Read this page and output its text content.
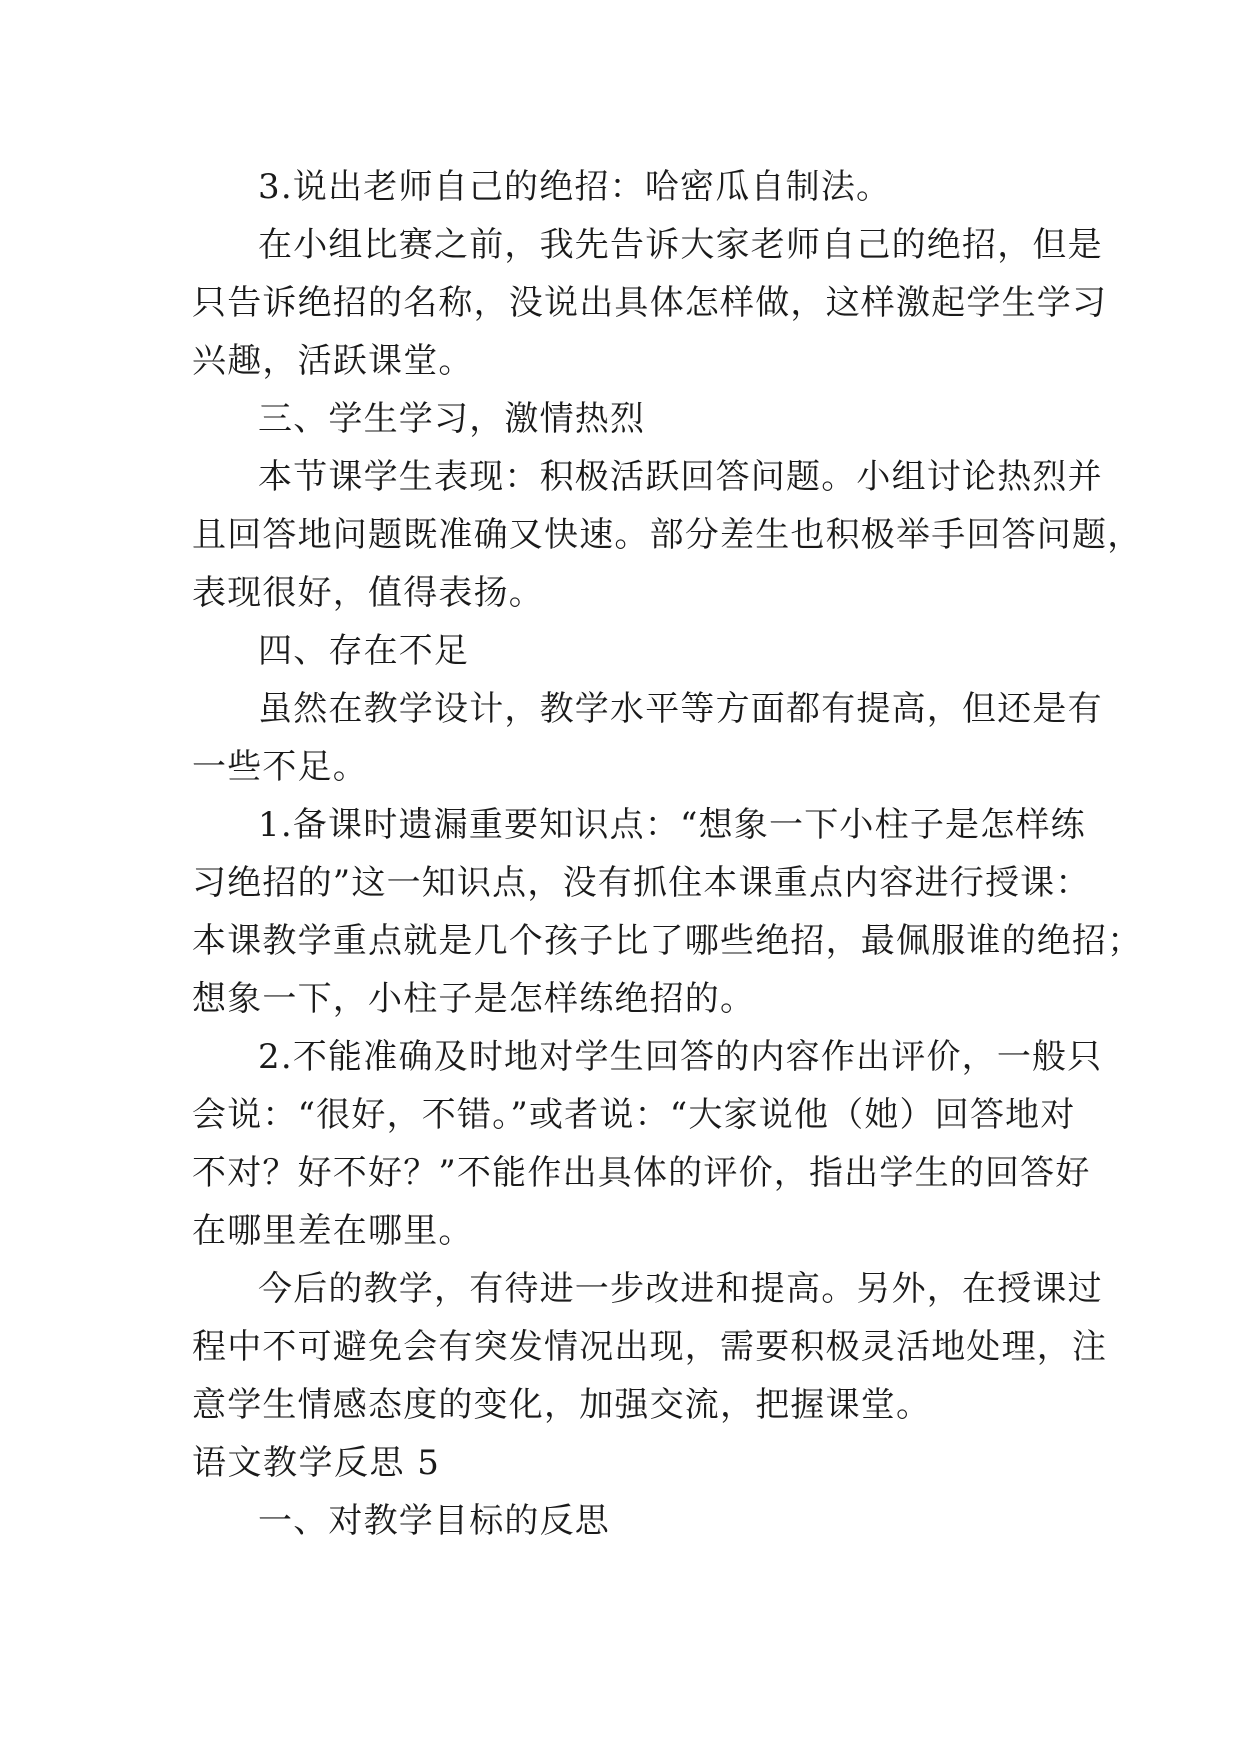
3.说出老师自己的绝招：哈密瓜自制法。
在小组比赛之前，我先告诉大家老师自己的绝招，但是
只告诉绝招的名称，没说出具体怎样做，这样激起学生学习
兴趣，活跃课堂。
三、学生学习，激情热烈
本节课学生表现：积极活跃回答问题。小组讨论热烈并
且回答地问题既准确又快速。部分差生也积极举手回答问题，
表现很好，值得表扬。
四、存在不足
虽然在教学设计，教学水平等方面都有提高，但还是有
一些不足。
1.备课时遗漏重要知识点：“想象一下小柱子是怎样练
习绝招的”这一知识点，没有抓住本课重点内容进行授课：
本课教学重点就是几个孩子比了哪些绝招，最佩服谁的绝招；
想象一下，小柱子是怎样练绝招的。
2.不能准确及时地对学生回答的内容作出评价，一般只
会说：“很好，不错。”或者说：“大家说他（她）回答地对
不对？好不好？”不能作出具体的评价，指出学生的回答好
在哪里差在哪里。
今后的教学，有待进一步改进和提高。另外，在授课过
程中不可避免会有突发情况出现，需要积极灵活地处理，注
意学生情感态度的变化，加强交流，把握课堂。
语文教学反思 5
一、对教学目标的反思
